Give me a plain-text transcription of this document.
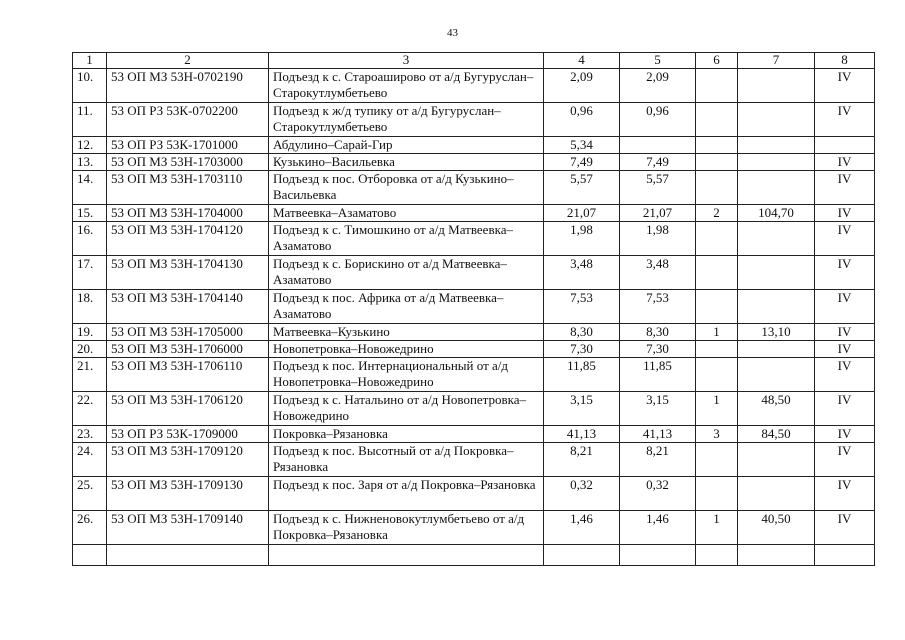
43
1	2	3	4	5	6	7	8
10.	53 ОП МЗ 53Н-0702190	Подъезд к с. Староаширово от а/д Бугуруслан–Старокутлумбетьево	2,09	2,09			IV
11.	53 ОП РЗ 53К-0702200	Подъезд к ж/д тупику от а/д Бугуруслан–Старокутлумбетьево	0,96	0,96			IV
12.	53 ОП РЗ 53К-1701000	Абдулино–Сарай-Гир	5,34				
13.	53 ОП МЗ 53Н-1703000	Кузькино–Васильевка	7,49	7,49			IV
14.	53 ОП МЗ 53Н-1703110	Подъезд к пос. Отборовка от а/д Кузькино–Васильевка	5,57	5,57			IV
15.	53 ОП МЗ 53Н-1704000	Матвеевка–Азаматово	21,07	21,07	2	104,70	IV
16.	53 ОП МЗ 53Н-1704120	Подъезд к с. Тимошкино от а/д Матвеевка–Азаматово	1,98	1,98			IV
17.	53 ОП МЗ 53Н-1704130	Подъезд к с. Борискино от а/д Матвеевка–Азаматово	3,48	3,48			IV
18.	53 ОП МЗ 53Н-1704140	Подъезд к пос. Африка от а/д Матвеевка–Азаматово	7,53	7,53			IV
19.	53 ОП МЗ 53Н-1705000	Матвеевка–Кузькино	8,30	8,30	1	13,10	IV
20.	53 ОП МЗ 53Н-1706000	Новопетровка–Новожедрино	7,30	7,30			IV
21.	53 ОП МЗ 53Н-1706110	Подъезд к пос. Интернациональный от а/д Новопетровка–Новожедрино	11,85	11,85			IV
22.	53 ОП МЗ 53Н-1706120	Подъезд к с. Натальино от а/д Новопетровка–Новожедрино	3,15	3,15	1	48,50	IV
23.	53 ОП РЗ 53К-1709000	Покровка–Рязановка	41,13	41,13	3	84,50	IV
24.	53 ОП МЗ 53Н-1709120	Подъезд к пос. Высотный от а/д Покровка–Рязановка	8,21	8,21			IV
25.	53 ОП МЗ 53Н-1709130	Подъезд к пос. Заря от а/д Покровка–Рязановка	0,32	0,32			IV
26.	53 ОП МЗ 53Н-1709140	Подъезд к с. Нижненовокутлумбетьево от а/д Покровка–Рязановка	1,46	1,46	1	40,50	IV
